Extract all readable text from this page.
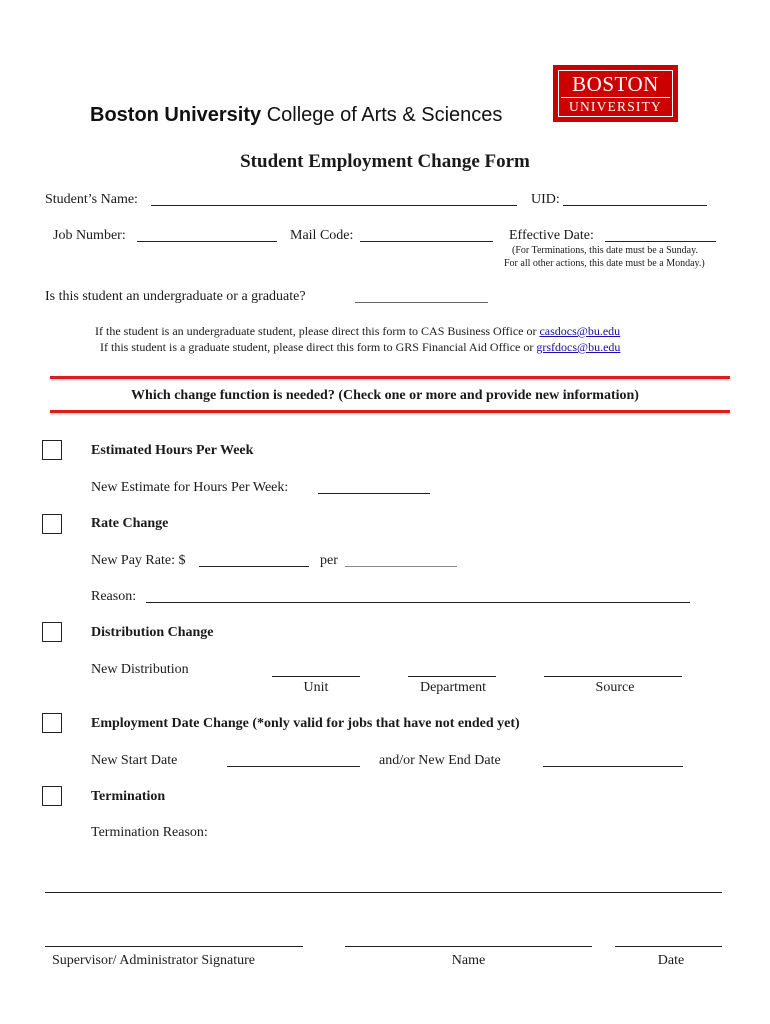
Boston University College of Arts & Sciences
BOSTON
UNIVERSITY
Student Employment Change Form
Student’s Name:	UID:
Job Number:	Mail Code:	Effective Date:
(For Terminations, this date must be a Sunday.
For all other actions, this date must be a Monday.)
Is this student an undergraduate or a graduate?
If the student is an undergraduate student, please direct this form to CAS Business Office or casdocs@bu.edu
If this student is a graduate student, please direct this form to GRS Financial Aid Office or grsfdocs@bu.edu
Which change function is needed? (Check one or more and provide new information)
Estimated Hours Per Week
New Estimate for Hours Per Week:
Rate Change
New Pay Rate: $	per
Reason:
Distribution Change
New Distribution
Unit	Department	Source
Employment Date Change (*only valid for jobs that have not ended yet)
New Start Date	and/or New End Date
Termination
Termination Reason:
Supervisor/ Administrator Signature	Name	Date
